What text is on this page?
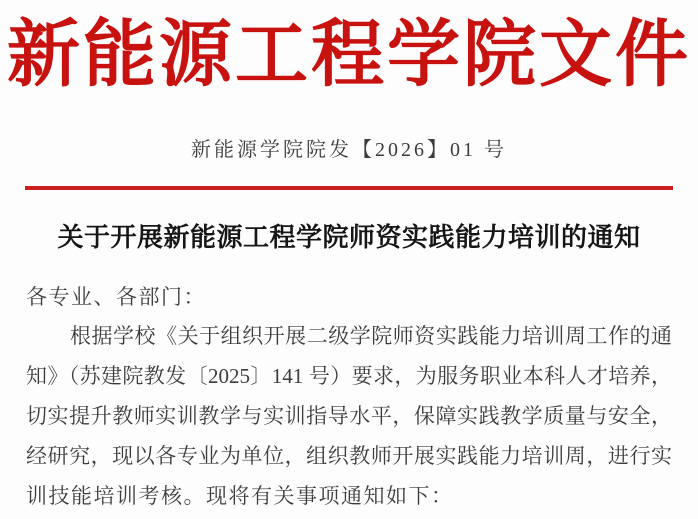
新能源工程学院文件
新能源学院院发【2026】01 号
关于开展新能源工程学院师资实践能力培训的通知
各专业、各部门：
根据学校《关于组织开展二级学院师资实践能力培训周工作的通
知》（苏建院教发〔2025〕141 号）要求，为服务职业本科人才培养，
切实提升教师实训教学与实训指导水平，保障实践教学质量与安全，
经研究，现以各专业为单位，组织教师开展实践能力培训周，进行实
训技能培训考核。现将有关事项通知如下：
